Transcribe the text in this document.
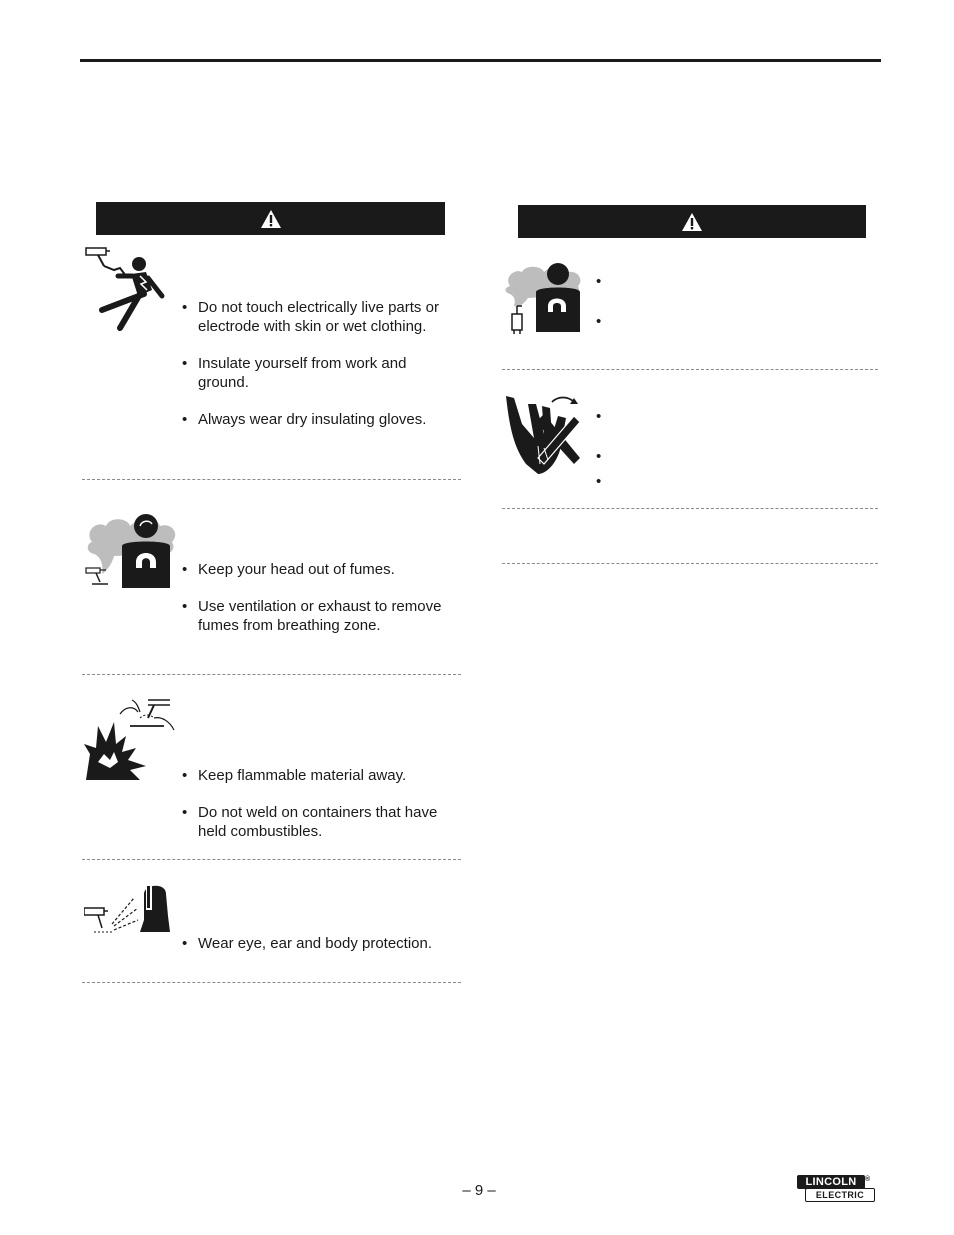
• Do not touch electrically live parts or electrode with skin or wet clothing.
• Insulate yourself from work and ground.
• Always wear dry insulating gloves.
• Keep your head out of fumes.
• Use ventilation or exhaust to remove fumes from breathing zone.
• Keep flammable material away.
• Do not weld on containers that have held combustibles.
• Wear eye, ear and body protection.
•
•
•
•
•
– 9 –	LINCOLN
ELECTRIC
®
